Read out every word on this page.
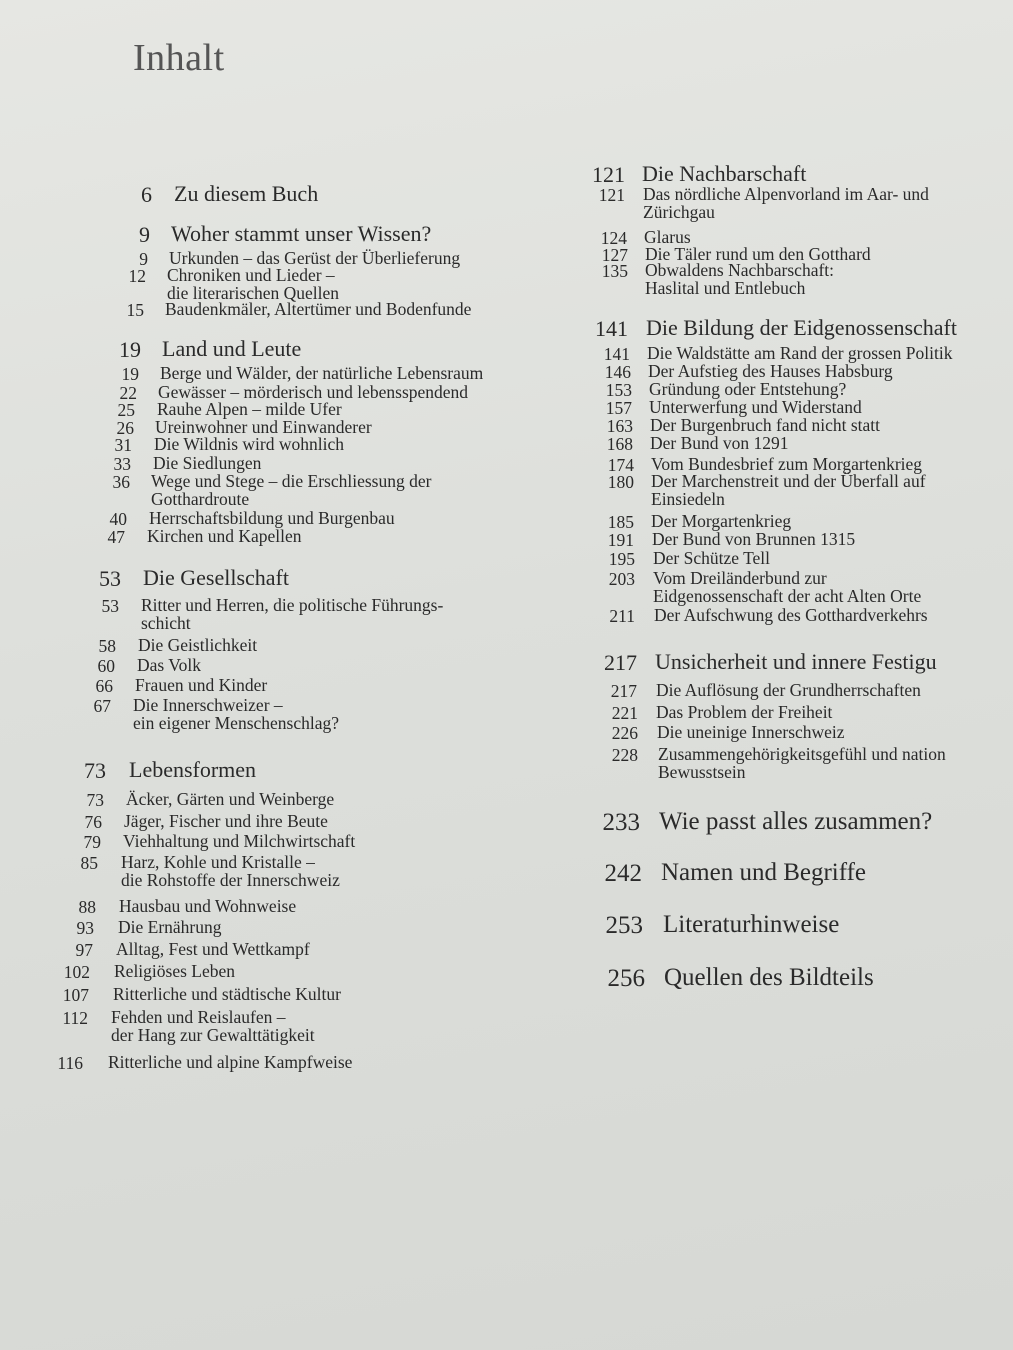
Inhalt
6 Zu diesem Buch
9 Woher stammt unser Wissen?
9 Urkunden – das Gerüst der Überlieferung
12 Chroniken und Lieder –
die literarischen Quellen
15 Baudenkmäler, Altertümer und Bodenfunde
19 Land und Leute
19 Berge und Wälder, der natürliche Lebensraum
22 Gewässer – mörderisch und lebensspendend
25 Rauhe Alpen – milde Ufer
26 Ureinwohner und Einwanderer
31 Die Wildnis wird wohnlich
33 Die Siedlungen
36 Wege und Stege – die Erschliessung der
Gotthardroute
40 Herrschaftsbildung und Burgenbau
47 Kirchen und Kapellen
53 Die Gesellschaft
53 Ritter und Herren, die politische Führungs-
schicht
58 Die Geistlichkeit
60 Das Volk
66 Frauen und Kinder
67 Die Innerschweizer –
ein eigener Menschenschlag?
73 Lebensformen
73 Äcker, Gärten und Weinberge
76 Jäger, Fischer und ihre Beute
79 Viehhaltung und Milchwirtschaft
85 Harz, Kohle und Kristalle –
die Rohstoffe der Innerschweiz
88 Hausbau und Wohnweise
93 Die Ernährung
97 Alltag, Fest und Wettkampf
102 Religiöses Leben
107 Ritterliche und städtische Kultur
112 Fehden und Reislaufen –
der Hang zur Gewalttätigkeit
116 Ritterliche und alpine Kampfweise
121 Die Nachbarschaft
121 Das nördliche Alpenvorland im Aar- und
Zürichgau
124 Glarus
127 Die Täler rund um den Gotthard
135 Obwaldens Nachbarschaft:
Haslital und Entlebuch
141 Die Bildung der Eidgenossenschaft
141 Die Waldstätte am Rand der grossen Politik
146 Der Aufstieg des Hauses Habsburg
153 Gründung oder Entstehung?
157 Unterwerfung und Widerstand
163 Der Burgenbruch fand nicht statt
168 Der Bund von 1291
174 Vom Bundesbrief zum Morgartenkrieg
180 Der Marchenstreit und der Überfall auf
Einsiedeln
185 Der Morgartenkrieg
191 Der Bund von Brunnen 1315
195 Der Schütze Tell
203 Vom Dreiländerbund zur
Eidgenossenschaft der acht Alten Orte
211 Der Aufschwung des Gotthardverkehrs
217 Unsicherheit und innere Festigu
217 Die Auflösung der Grundherrschaften
221 Das Problem der Freiheit
226 Die uneinige Innerschweiz
228 Zusammengehörigkeitsgefühl und nation
Bewusstsein
233 Wie passt alles zusammen?
242 Namen und Begriffe
253 Literaturhinweise
256 Quellen des Bildteils
